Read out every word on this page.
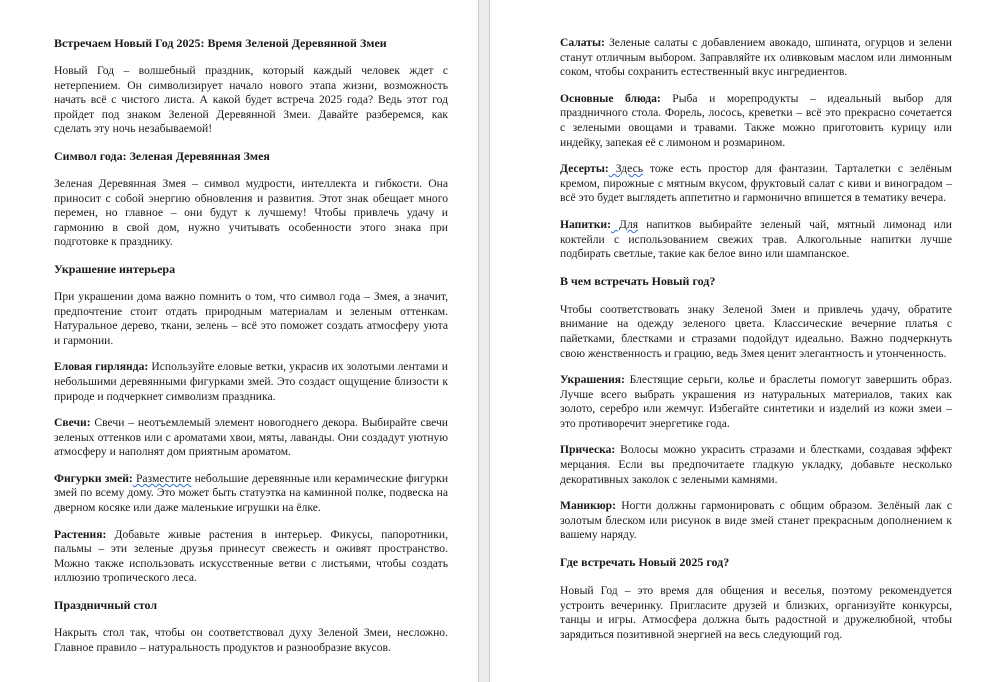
Встречаем Новый Год 2025: Время Зеленой Деревянной Змеи

Новый Год – волшебный праздник, который каждый человек ждет с нетерпением. Он символизирует начало нового этапа жизни, возможность начать всё с чистого листа. А какой будет встреча 2025 года? Ведь этот год пройдет под знаком Зеленой Деревянной Змеи. Давайте разберемся, как сделать эту ночь незабываемой!

Символ года: Зеленая Деревянная Змея

Зеленая Деревянная Змея – символ мудрости, интеллекта и гибкости. Она приносит с собой энергию обновления и развития. Этот знак обещает много перемен, но главное – они будут к лучшему! Чтобы привлечь удачу и гармонию в свой дом, нужно учитывать особенности этого знака при подготовке к празднику.

Украшение интерьера

При украшении дома важно помнить о том, что символ года – Змея, а значит, предпочтение стоит отдать природным материалам и зеленым оттенкам. Натуральное дерево, ткани, зелень – всё это поможет создать атмосферу уюта и гармонии.

Еловая гирлянда: Используйте еловые ветки, украсив их золотыми лентами и небольшими деревянными фигурками змей. Это создаст ощущение близости к природе и подчеркнет символизм праздника.

Свечи: Свечи – неотъемлемый элемент новогоднего декора. Выбирайте свечи зеленых оттенков или с ароматами хвои, мяты, лаванды. Они создадут уютную атмосферу и наполнят дом приятным ароматом.

Фигурки змей: Разместите небольшие деревянные или керамические фигурки змей по всему дому. Это может быть статуэтка на каминной полке, подвеска на дверном косяке или даже маленькие игрушки на ёлке.

Растения: Добавьте живые растения в интерьер. Фикусы, папоротники, пальмы – эти зеленые друзья принесут свежесть и оживят пространство. Можно также использовать искусственные ветви с листьями, чтобы создать иллюзию тропического леса.

Праздничный стол

Накрыть стол так, чтобы он соответствовал духу Зеленой Змеи, несложно. Главное правило – натуральность продуктов и разнообразие вкусов.

Салаты: Зеленые салаты с добавлением авокадо, шпината, огурцов и зелени станут отличным выбором. Заправляйте их оливковым маслом или лимонным соком, чтобы сохранить естественный вкус ингредиентов.

Основные блюда: Рыба и морепродукты – идеальный выбор для праздничного стола. Форель, лосось, креветки – всё это прекрасно сочетается с зелеными овощами и травами. Также можно приготовить курицу или индейку, запекая её с лимоном и розмарином.

Десерты: Здесь тоже есть простор для фантазии. Тарталетки с зелёным кремом, пирожные с мятным вкусом, фруктовый салат с киви и виноградом – всё это будет выглядеть аппетитно и гармонично впишется в тематику вечера.

Напитки: Для напитков выбирайте зеленый чай, мятный лимонад или коктейли с использованием свежих трав. Алкогольные напитки лучше подбирать светлые, такие как белое вино или шампанское.

В чем встречать Новый год?

Чтобы соответствовать знаку Зеленой Змеи и привлечь удачу, обратите внимание на одежду зеленого цвета. Классические вечерние платья с пайетками, блестками и стразами подойдут идеально. Важно подчеркнуть свою женственность и грацию, ведь Змея ценит элегантность и утонченность.

Украшения: Блестящие серьги, колье и браслеты помогут завершить образ. Лучше всего выбрать украшения из натуральных материалов, таких как золото, серебро или жемчуг. Избегайте синтетики и изделий из кожи змеи – это противоречит энергетике года.

Прическа: Волосы можно украсить стразами и блестками, создавая эффект мерцания. Если вы предпочитаете гладкую укладку, добавьте несколько декоративных заколок с зелеными камнями.

Маникюр: Ногти должны гармонировать с общим образом. Зелёный лак с золотым блеском или рисунок в виде змей станет прекрасным дополнением к вашему наряду.

Где встречать Новый 2025 год?

Новый Год – это время для общения и веселья, поэтому рекомендуется устроить вечеринку. Пригласите друзей и близких, организуйте конкурсы, танцы и игры. Атмосфера должна быть радостной и дружелюбной, чтобы зарядиться позитивной энергией на весь следующий год.
